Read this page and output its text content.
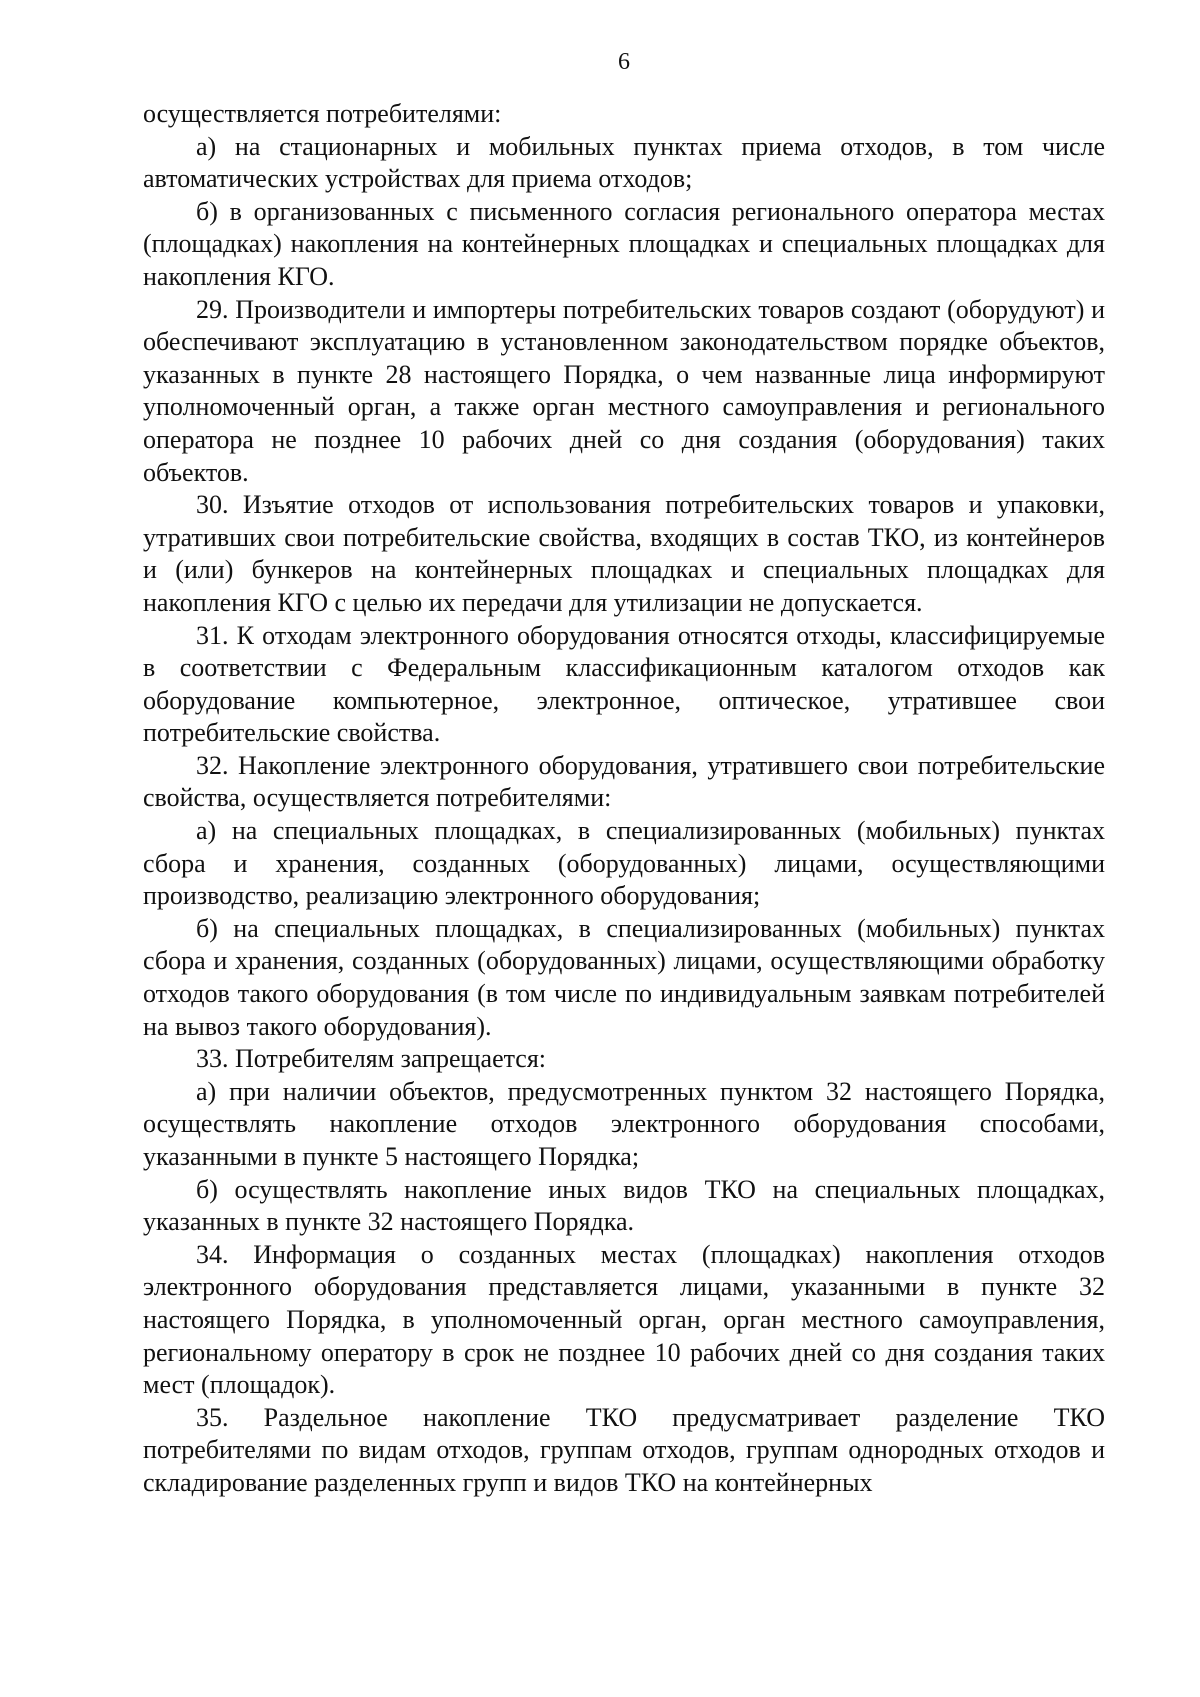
6

осуществляется потребителями:

а) на стационарных и мобильных пунктах приема отходов, в том числе автоматических устройствах для приема отходов;

б) в организованных с письменного согласия регионального оператора местах (площадках) накопления на контейнерных площадках и специальных площадках для накопления КГО.

29. Производители и импортеры потребительских товаров создают (оборудуют) и обеспечивают эксплуатацию в установленном законодательством порядке объектов, указанных в пункте 28 настоящего Порядка, о чем названные лица информируют уполномоченный орган, а также орган местного самоуправления и регионального оператора не позднее 10 рабочих дней со дня создания (оборудования) таких объектов.

30. Изъятие отходов от использования потребительских товаров и упаковки, утративших свои потребительские свойства, входящих в состав ТКО, из контейнеров и (или) бункеров на контейнерных площадках и специальных площадках для накопления КГО с целью их передачи для утилизации не допускается.

31. К отходам электронного оборудования относятся отходы, классифицируемые в соответствии с Федеральным классификационным каталогом отходов как оборудование компьютерное, электронное, оптическое, утратившее свои потребительские свойства.

32. Накопление электронного оборудования, утратившего свои потребительские свойства, осуществляется потребителями:

а) на специальных площадках, в специализированных (мобильных) пунктах сбора и хранения, созданных (оборудованных) лицами, осуществляющими производство, реализацию электронного оборудования;

б) на специальных площадках, в специализированных (мобильных) пунктах сбора и хранения, созданных (оборудованных) лицами, осуществляющими обработку отходов такого оборудования (в том числе по индивидуальным заявкам потребителей на вывоз такого оборудования).

33. Потребителям запрещается:

а) при наличии объектов, предусмотренных пунктом 32 настоящего Порядка, осуществлять накопление отходов электронного оборудования способами, указанными в пункте 5 настоящего Порядка;

б) осуществлять накопление иных видов ТКО на специальных площадках, указанных в пункте 32 настоящего Порядка.

34. Информация о созданных местах (площадках) накопления отходов электронного оборудования представляется лицами, указанными в пункте 32 настоящего Порядка, в уполномоченный орган, орган местного самоуправления, региональному оператору в срок не позднее 10 рабочих дней со дня создания таких мест (площадок).

35. Раздельное накопление ТКО предусматривает разделение ТКО потребителями по видам отходов, группам отходов, группам однородных отходов и складирование разделенных групп и видов ТКО на контейнерных
